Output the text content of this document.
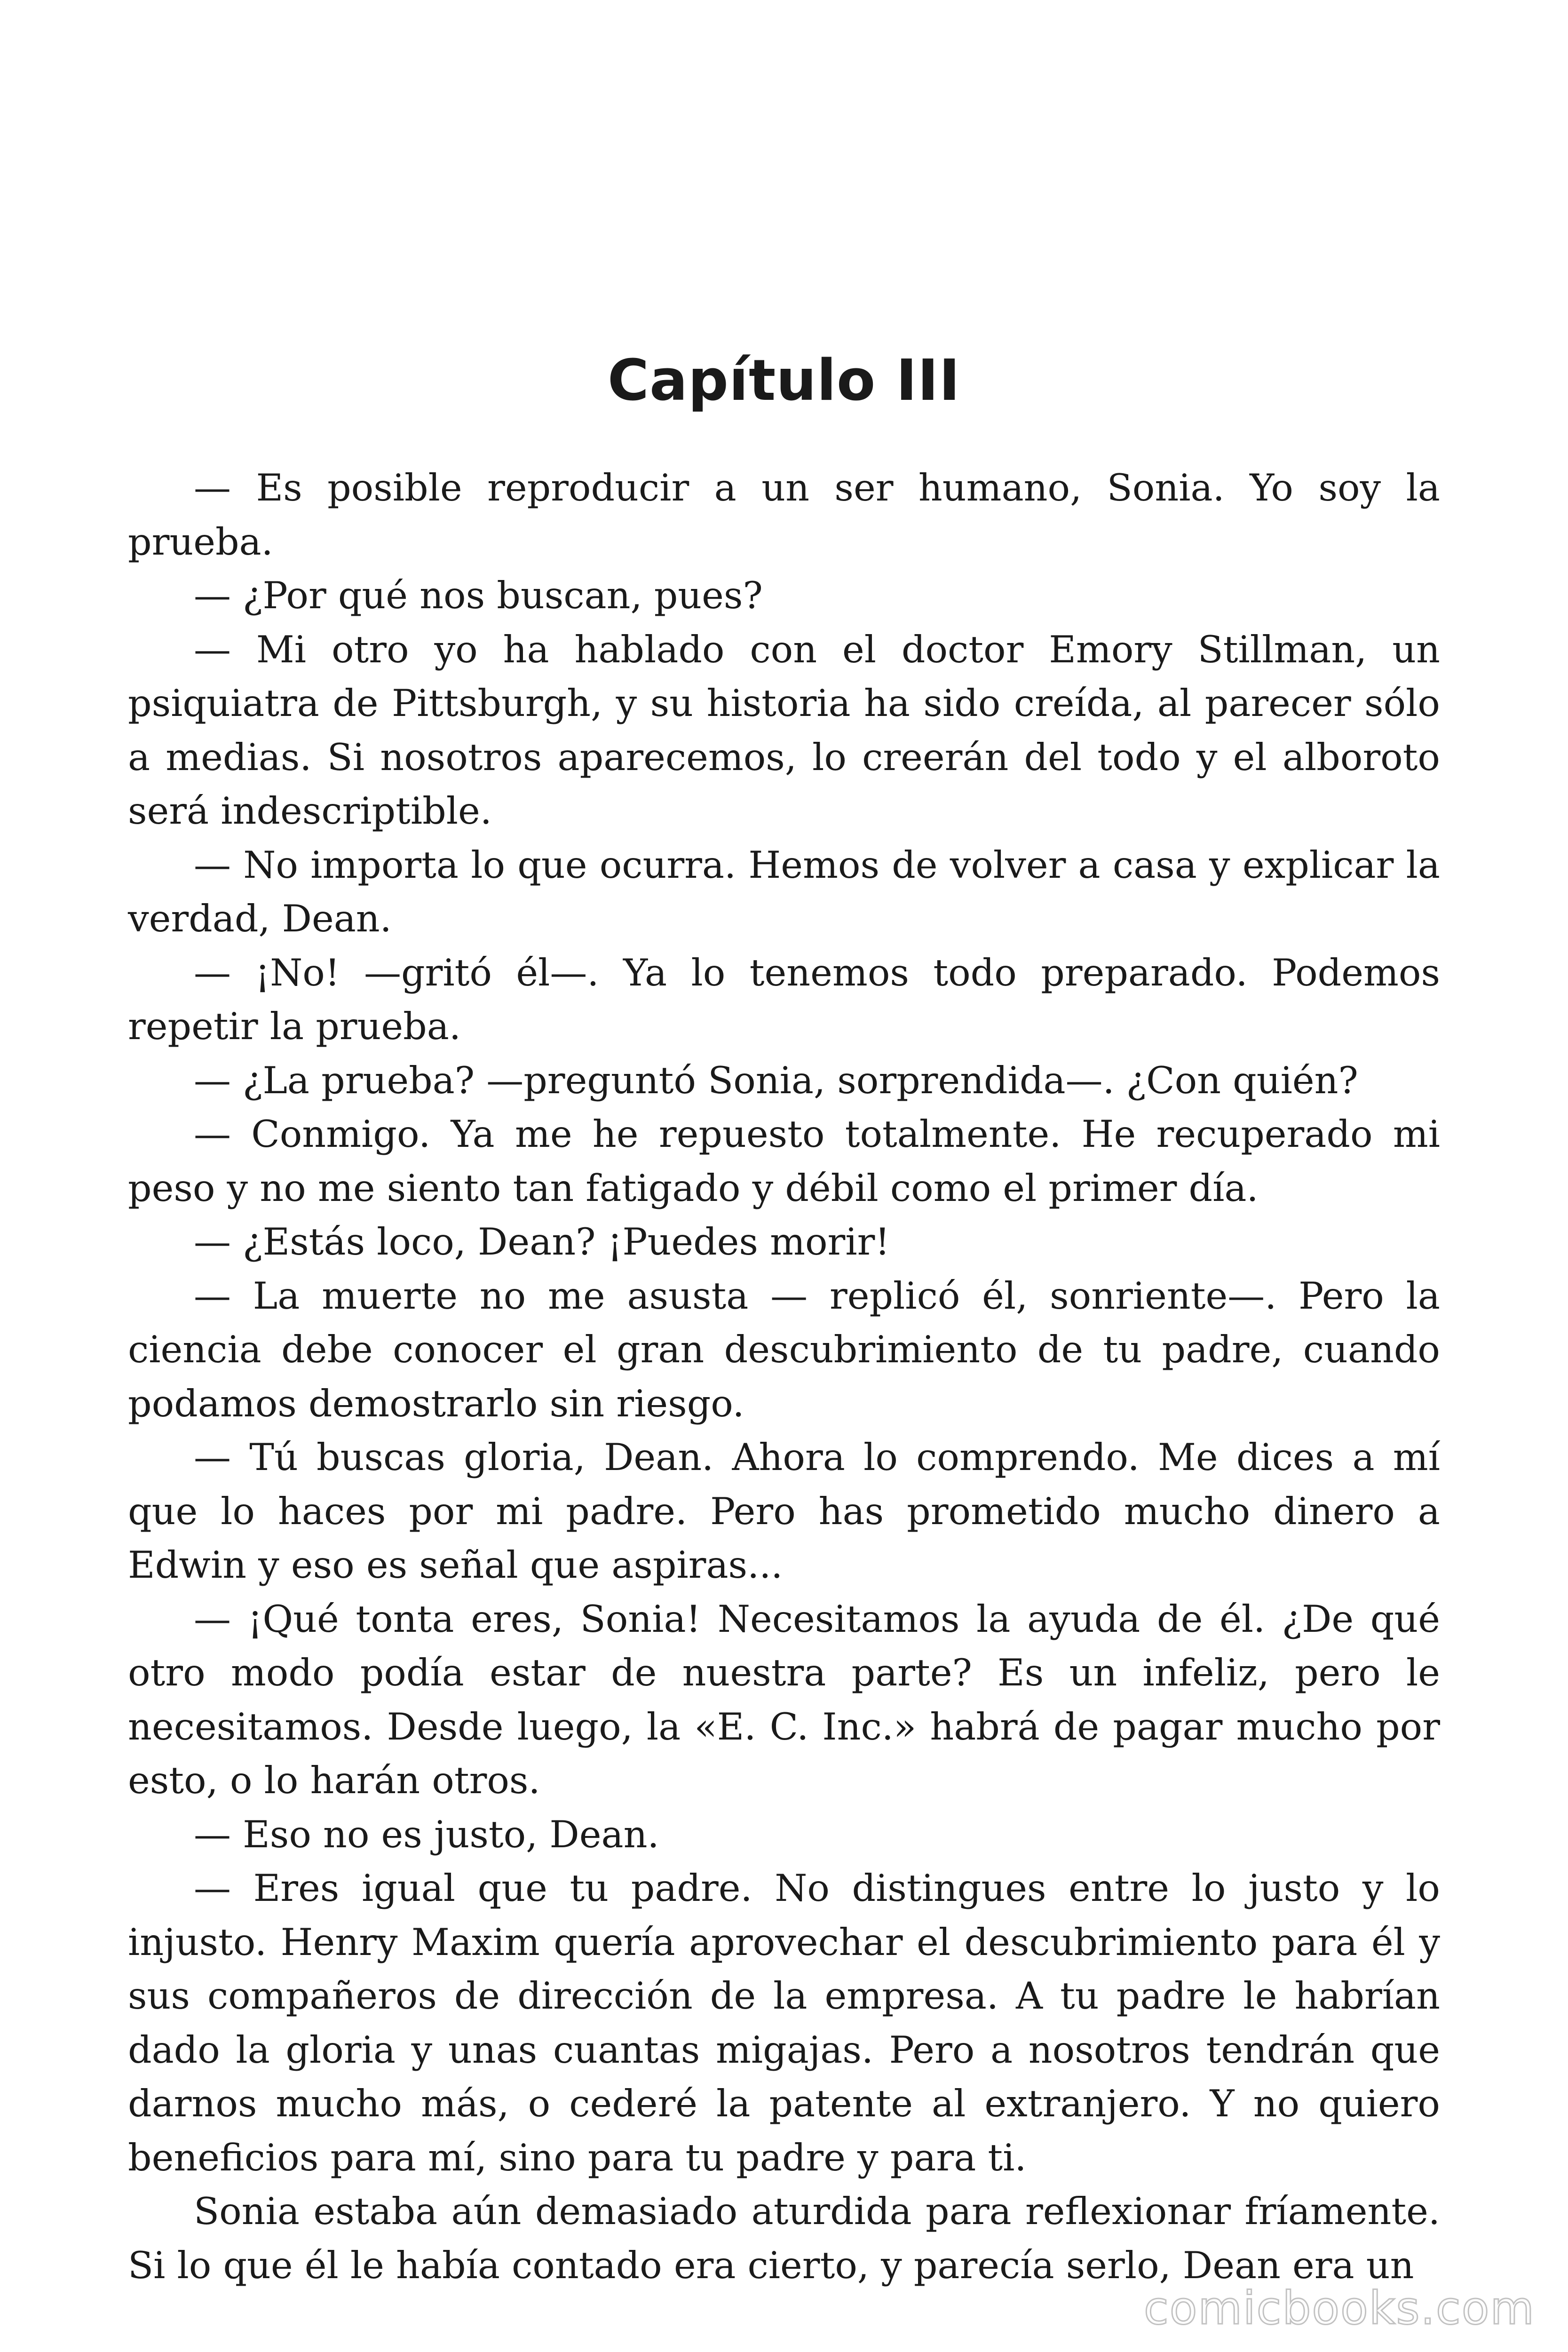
Capítulo III

— Es posible reproducir a un ser humano, Sonia. Yo soy la prueba.

— ¿Por qué nos buscan, pues?

— Mi otro yo ha hablado con el doctor Emory Stillman, un psiquiatra de Pittsburgh, y su historia ha sido creída, al parecer sólo a medias. Si nosotros aparecemos, lo creerán del todo y el alboroto será indescriptible.

— No importa lo que ocurra. Hemos de volver a casa y explicar la verdad, Dean.

— ¡No! —gritó él—. Ya lo tenemos todo preparado. Podemos repetir la prueba.

— ¿La prueba? —preguntó Sonia, sorprendida—. ¿Con quién?

— Conmigo. Ya me he repuesto totalmente. He recuperado mi peso y no me siento tan fatigado y débil como el primer día.

— ¿Estás loco, Dean? ¡Puedes morir!

— La muerte no me asusta — replicó él, sonriente—. Pero la ciencia debe conocer el gran descubrimiento de tu padre, cuando podamos demostrarlo sin riesgo.

— Tú buscas gloria, Dean. Ahora lo comprendo. Me dices a mí que lo haces por mi padre. Pero has prometido mucho dinero a Edwin y eso es señal que aspiras...

— ¡Qué tonta eres, Sonia! Necesitamos la ayuda de él. ¿De qué otro modo podía estar de nuestra parte? Es un infeliz, pero le necesitamos. Desde luego, la «E. C. Inc.» habrá de pagar mucho por esto, o lo harán otros.

— Eso no es justo, Dean.

— Eres igual que tu padre. No distingues entre lo justo y lo injusto. Henry Maxim quería aprovechar el descubrimiento para él y sus compañeros de dirección de la empresa. A tu padre le habrían dado la gloria y unas cuantas migajas. Pero a nosotros tendrán que darnos mucho más, o cederé la patente al extranjero. Y no quiero beneficios para mí, sino para tu padre y para ti.

Sonia estaba aún demasiado aturdida para reflexionar fríamente. Si lo que él le había contado era cierto, y parecía serlo, Dean era un

comicbooks.com
